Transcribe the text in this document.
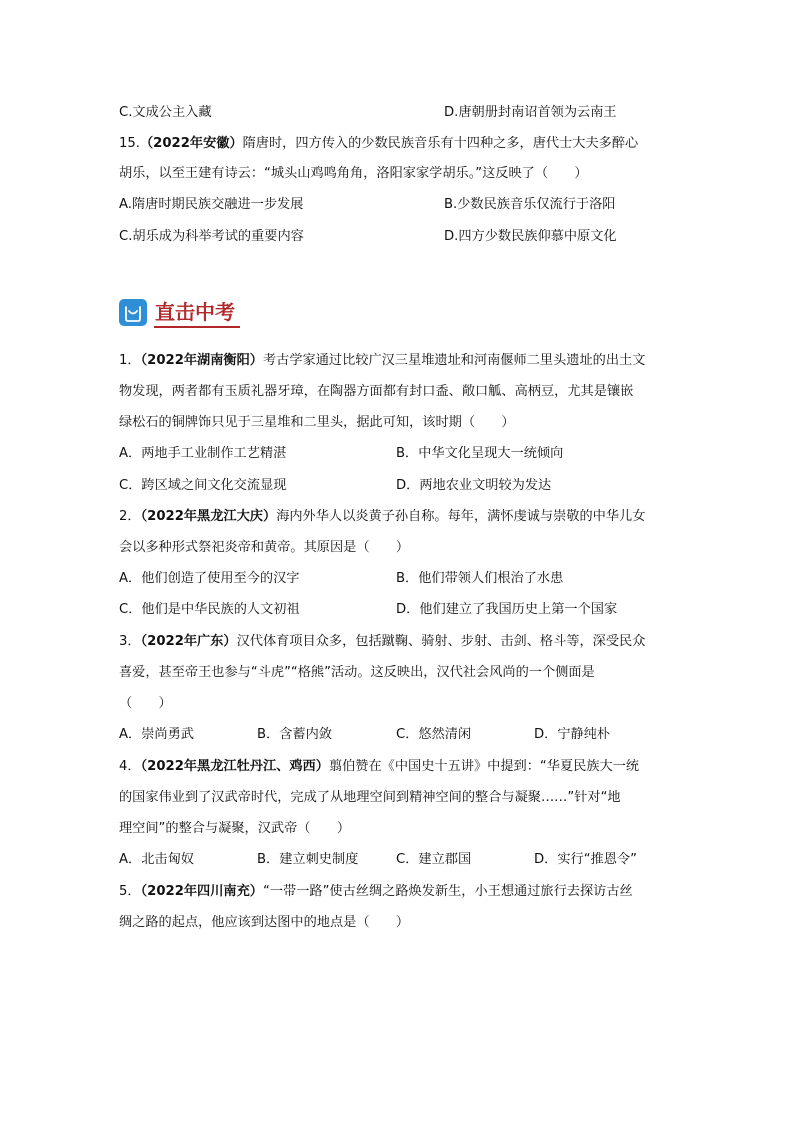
C.文成公主入藏	D.唐朝册封南诏首领为云南王
15.（2022年安徽）隋唐时，四方传入的少数民族音乐有十四种之多，唐代士大夫多醉心
胡乐，以至王建有诗云：“城头山鸡鸣角角，洛阳家家学胡乐。”这反映了（　　）
A.隋唐时期民族交融进一步发展	B.少数民族音乐仅流行于洛阳
C.胡乐成为科举考试的重要内容	D.四方少数民族仰慕中原文化
直击中考
1．（2022年湖南衡阳）考古学家通过比较广汉三星堆遗址和河南偃师二里头遗址的出土文
物发现，两者都有玉质礼器牙璋，在陶器方面都有封口盉、敞口觚、高柄豆，尤其是镶嵌
绿松石的铜牌饰只见于三星堆和二里头，据此可知，该时期（　　）
A．两地手工业制作工艺精湛	B．中华文化呈现大一统倾向
C．跨区域之间文化交流显现	D．两地农业文明较为发达
2．（2022年黑龙江大庆）海内外华人以炎黄子孙自称。每年，满怀虔诚与崇敬的中华儿女
会以多种形式祭祀炎帝和黄帝。其原因是（　　）
A．他们创造了使用至今的汉字	B．他们带领人们根治了水患
C．他们是中华民族的人文初祖	D．他们建立了我国历史上第一个国家
3．（2022年广东）汉代体育项目众多，包括蹴鞠、骑射、步射、击剑、格斗等，深受民众
喜爱，甚至帝王也参与“斗虎”“格熊”活动。这反映出，汉代社会风尚的一个侧面是
（　　）
A．崇尚勇武	B．含蓄内敛	C．悠然清闲	D．宁静纯朴
4．（2022年黑龙江牡丹江、鸡西）翦伯赞在《中国史十五讲》中提到：“华夏民族大一统
的国家伟业到了汉武帝时代，完成了从地理空间到精神空间的整合与凝聚……”针对“地
理空间”的整合与凝聚，汉武帝（　　）
A．北击匈奴	B．建立刺史制度	C．建立郡国	D．实行“推恩令”
5．（2022年四川南充）“一带一路”使古丝绸之路焕发新生，小王想通过旅行去探访古丝
绸之路的起点，他应该到达图中的地点是（　　）
